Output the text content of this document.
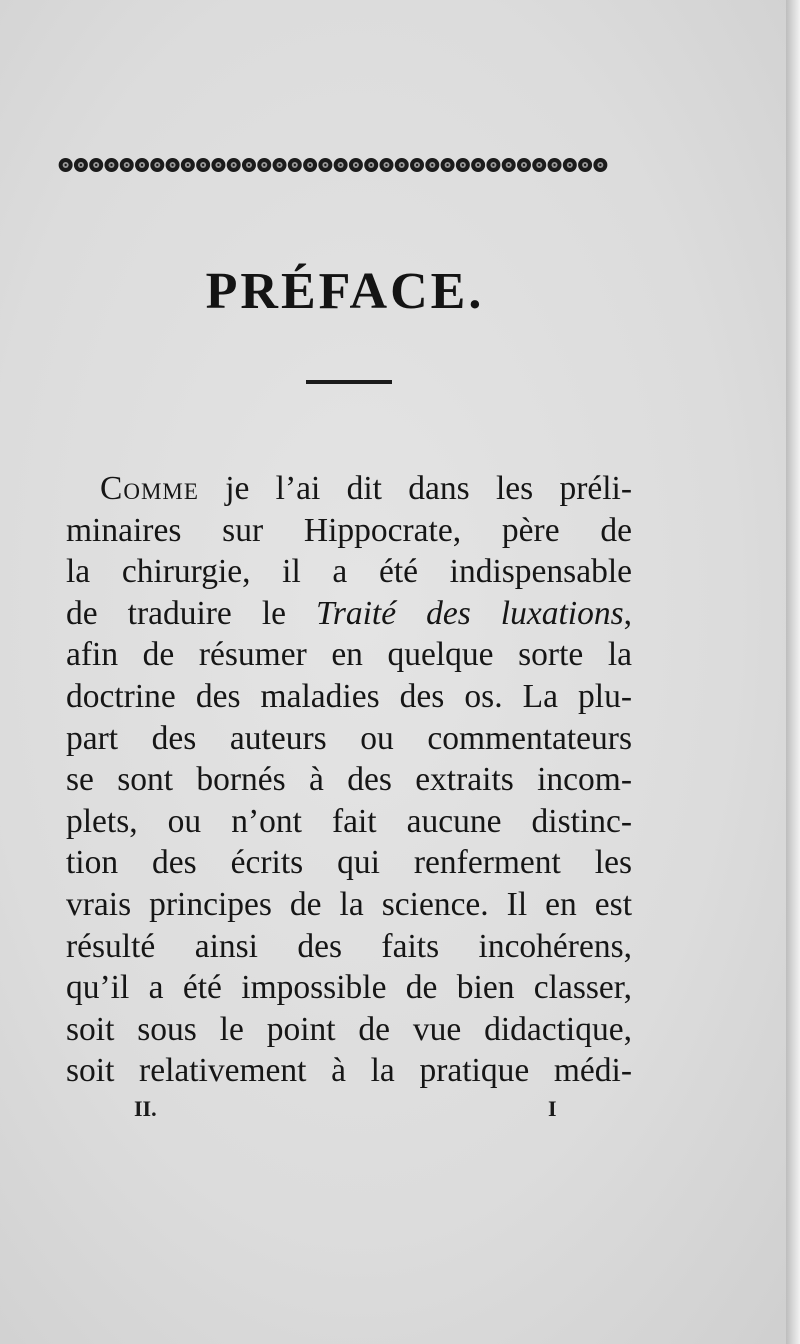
PRÉFACE.
Comme je l’ai dit dans les préli-
minaires sur Hippocrate, père de
la chirurgie, il a été indispensable
de traduire le Traité des luxations,
afin de résumer en quelque sorte la
doctrine des maladies des os. La plu-
part des auteurs ou commentateurs
se sont bornés à des extraits incom-
plets, ou n’ont fait aucune distinc-
tion des écrits qui renferment les
vrais principes de la science. Il en est
résulté ainsi des faits incohérens,
qu’il a été impossible de bien classer,
soit sous le point de vue didactique,
soit relativement à la pratique médi-
II.	I
